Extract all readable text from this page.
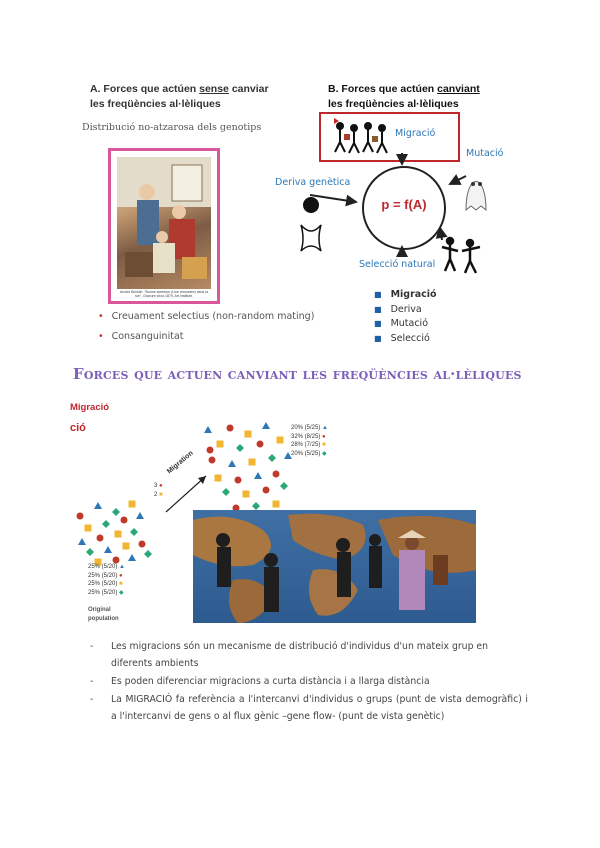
A. Forces que actúen sense canviar
les freqüències al·lèliques
Distribució no-atzarosa dels genotips
Arnold Böcklin: "Bonne aventure (Une rencontre) dans la rue". Gravure circa 1879, Art Institute.
• Creuament selectius (non-random mating)
• Consanguinitat
B. Forces que actúen canviant
les freqüències al·lèliques
Migració
Mutació
Deriva genètica
Selecció natural
p = f(A)
■ Migració
■ Deriva
■ Mutació
■ Selecció
Forces que actuen canviant les freqüències al·lèliques
Migració
ció	20% (5/25) ▲
32% (8/25) ●
28% (7/25) ■
20% (5/25) ◆
3 ●
2 ■
25% (5/20) ▲
25% (5/20) ●
25% (5/20) ■
25% (5/20) ◆
Original
population
Migration
- Les migracions són un mecanisme de distribució d'individus d'un mateix grup en diferents ambients
- Es poden diferenciar migracions a curta distància i a llarga distància
- La MIGRACIÓ fa referència a l'intercanvi d'individus o grups (punt de vista demogràfic) i a l'intercanvi de gens o al flux gènic –gene flow- (punt de vista genètic)
